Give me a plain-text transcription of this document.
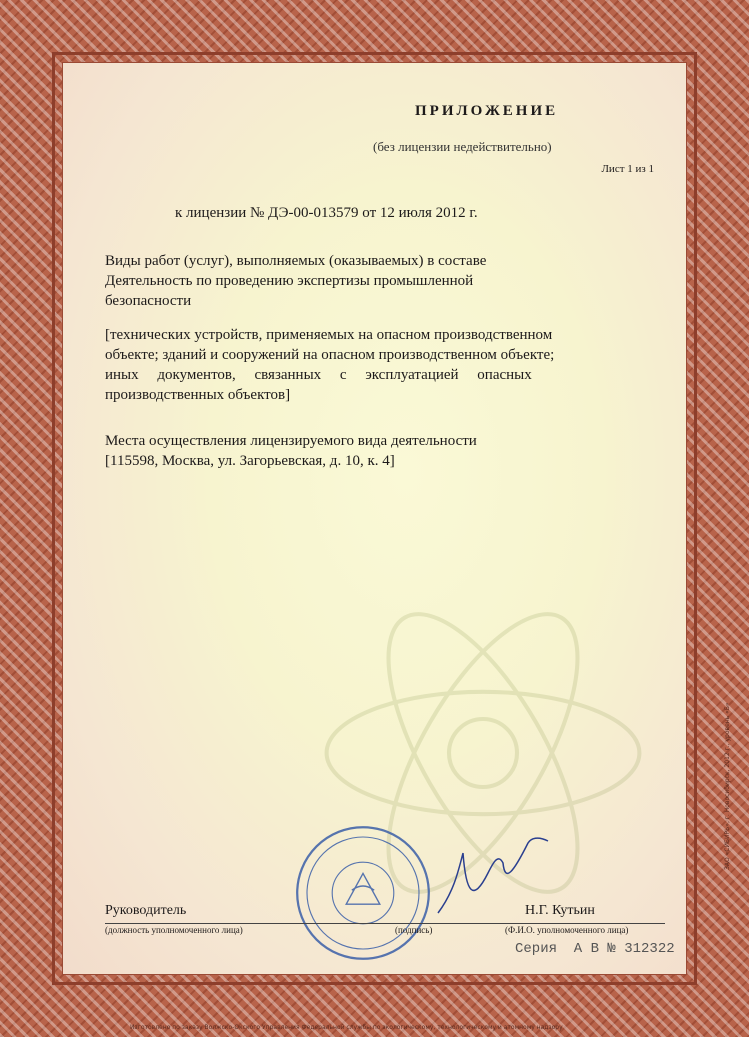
ПРИЛОЖЕНИЕ
(без лицензии недействительно)
Лист 1 из 1
к лицензии № ДЭ-00-013579 от 12 июля 2012 г.
Виды работ (услуг), выполняемых (оказываемых) в составе
Деятельность по проведению экспертизы промышленной
безопасности
[технических устройств, применяемых на опасном производственном
объекте; зданий и сооружений на опасном производственном объекте;
иных     документов,     связанных     с     эксплуатацией     опасных
производственных объектов]
Места осуществления лицензируемого вида деятельности
[115598, Москва, ул. Загорьевская, д. 10, к. 4]
Руководитель	Н.Г. Кутьин
(должность уполномоченного лица)	(подпись)	(Ф.И.О. уполномоченного лица)
Серия  А В № 312322
Изготовлено по заказу Волжско-Окского Управления Федеральной службы по экологическому, технологическому и атомному надзору
ЗАО «СИБИРЬ», г. Новосибирск, 2012 г., уровень «Б»
